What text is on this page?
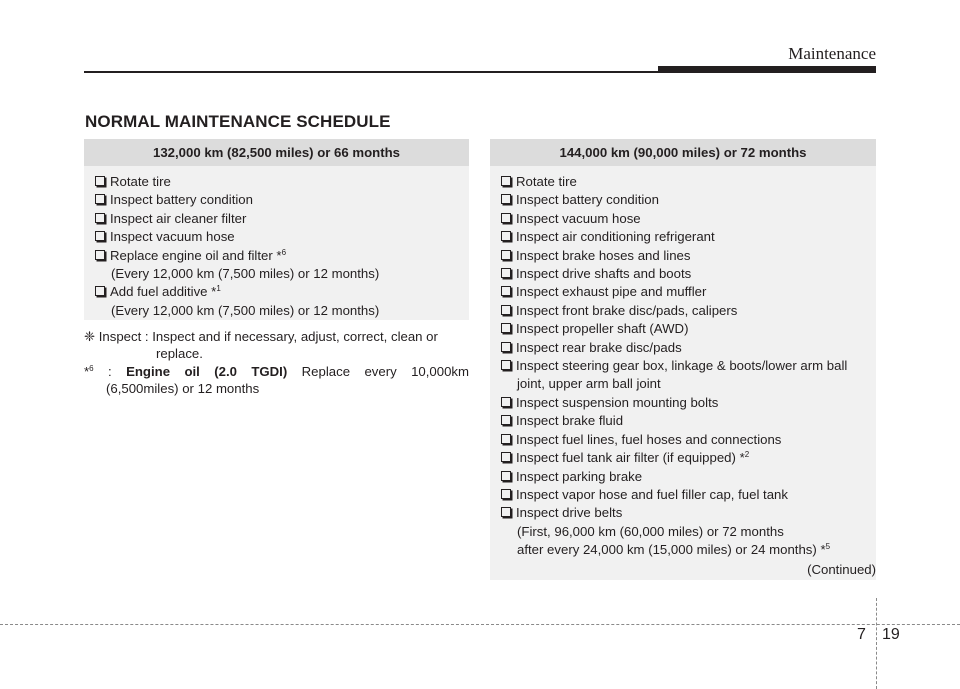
Maintenance
NORMAL MAINTENANCE SCHEDULE
132,000 km (82,500 miles) or 66 months
Rotate tire
Inspect battery condition
Inspect air cleaner filter
Inspect vacuum hose
Replace engine oil and filter *$^6$
(Every 12,000 km (7,500 miles) or 12 months)
Add fuel additive *$^1$
(Every 12,000 km (7,500 miles) or 12 months)
❈ Inspect : Inspect and if necessary, adjust, correct, clean or
replace.
*$^6$ : Engine oil (2.0 TGDI) Replace every 10,000km
(6,500miles) or 12 months
144,000 km (90,000 miles) or 72 months
Rotate tire
Inspect battery condition
Inspect vacuum hose
Inspect air conditioning refrigerant
Inspect brake hoses and lines
Inspect drive shafts and boots
Inspect exhaust pipe and muffler
Inspect front brake disc/pads, calipers
Inspect propeller shaft (AWD)
Inspect rear brake disc/pads
Inspect steering gear box, linkage & boots/lower arm ball
joint, upper arm ball joint
Inspect suspension mounting bolts
Inspect brake fluid
Inspect fuel lines, fuel hoses and connections
Inspect fuel tank air filter (if equipped) *$^2$
Inspect parking brake
Inspect vapor hose and fuel filler cap, fuel tank
Inspect drive belts
(First, 96,000 km (60,000 miles) or 72 months
after every 24,000 km (15,000 miles) or 24 months) *$^5$
(Continued)
7 19
